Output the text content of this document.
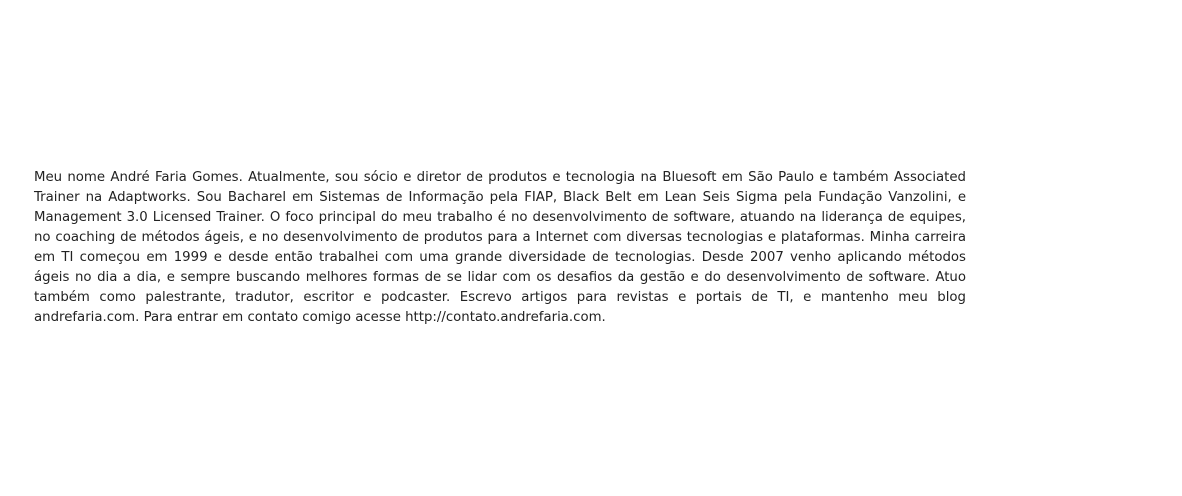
Meu nome André Faria Gomes. Atualmente, sou sócio e diretor de produtos e tecnologia na Bluesoft em São Paulo e também Associated Trainer na Adaptworks. Sou Bacharel em Sistemas de Informação pela FIAP, Black Belt em Lean Seis Sigma pela Fundação Vanzolini, e Management 3.0 Licensed Trainer. O foco principal do meu trabalho é no desenvolvimento de software, atuando na liderança de equipes, no coaching de métodos ágeis, e no desenvolvimento de produtos para a Internet com diversas tecnologias e plataformas. Minha carreira em TI começou em 1999 e desde então trabalhei com uma grande diversidade de tecnologias. Desde 2007 venho aplicando métodos ágeis no dia a dia, e sempre buscando melhores formas de se lidar com os desafios da gestão e do desenvolvimento de software. Atuo também como palestrante, tradutor, escritor e podcaster. Escrevo artigos para revistas e portais de TI, e mantenho meu blog andrefaria.com. Para entrar em contato comigo acesse http://contato.andrefaria.com.
